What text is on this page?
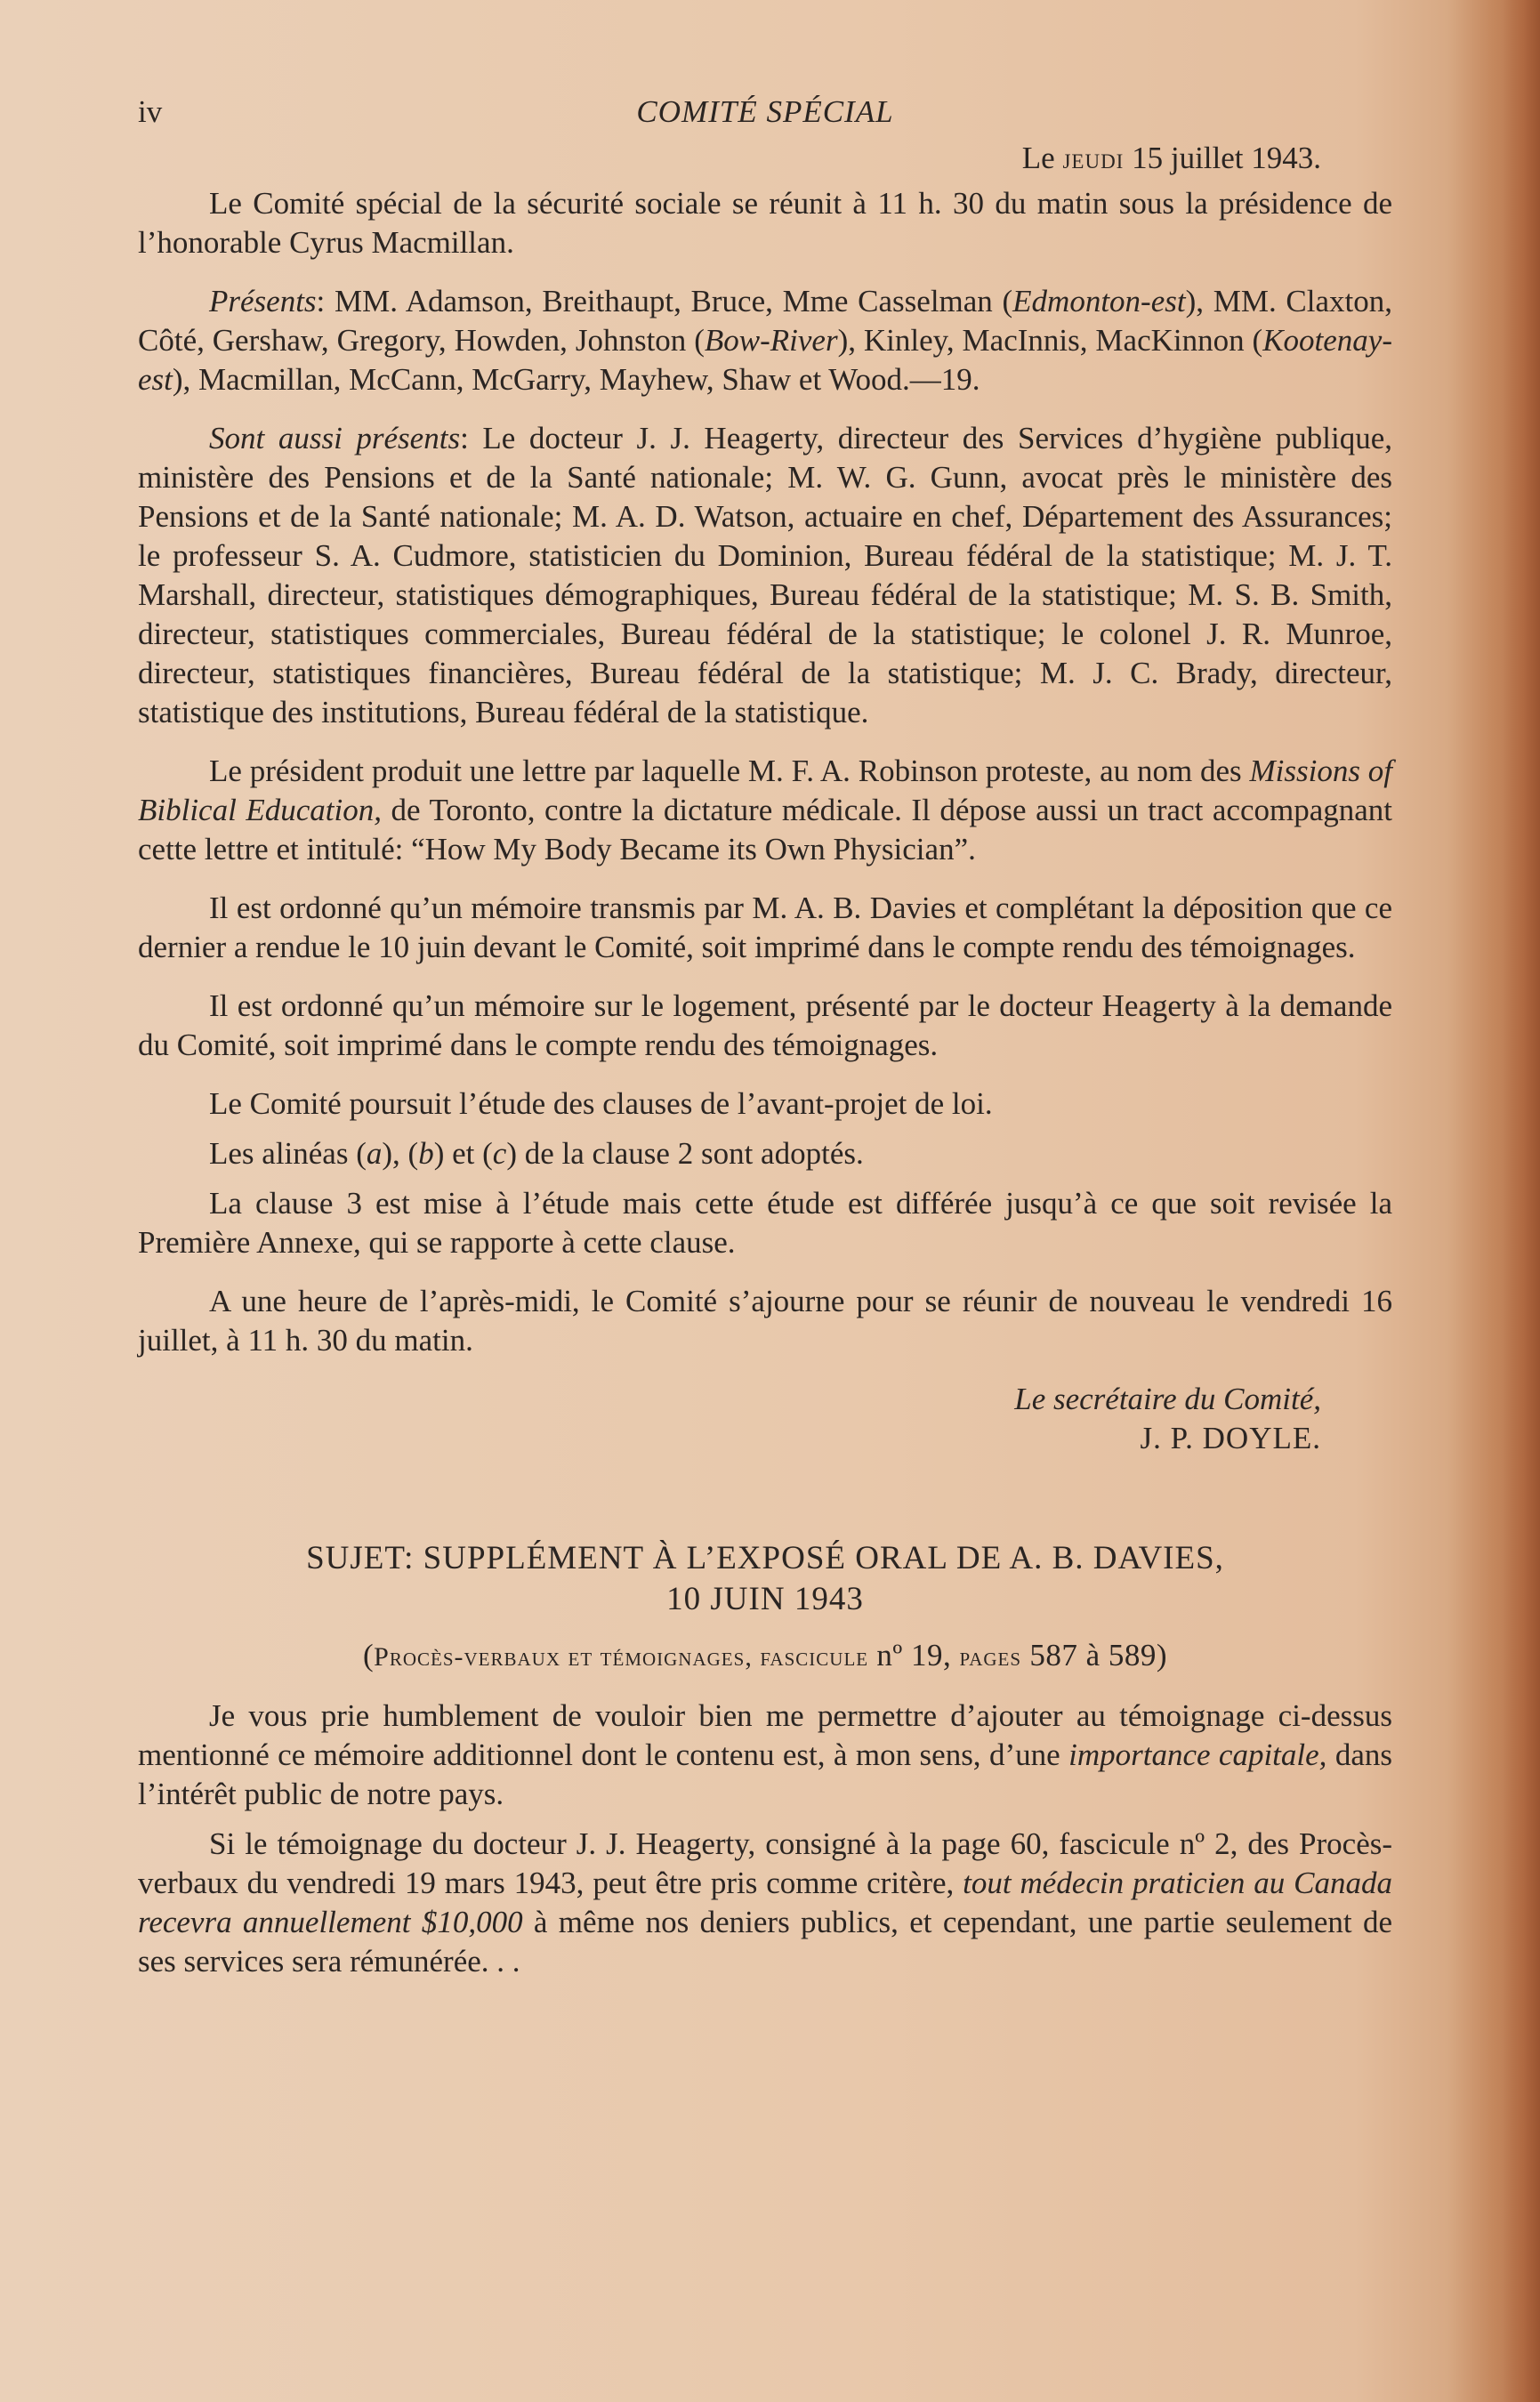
iv	COMITÉ SPÉCIAL

Le jeudi 15 juillet 1943.

Le Comité spécial de la sécurité sociale se réunit à 11 h. 30 du matin sous la présidence de l’honorable Cyrus Macmillan.

Présents: MM. Adamson, Breithaupt, Bruce, Mme Casselman (Edmonton-est), MM. Claxton, Côté, Gershaw, Gregory, Howden, Johnston (Bow-River), Kinley, MacInnis, MacKinnon (Kootenay-est), Macmillan, McCann, McGarry, Mayhew, Shaw et Wood.—19.

Sont aussi présents: Le docteur J. J. Heagerty, directeur des Services d’hygiène publique, ministère des Pensions et de la Santé nationale; M. W. G. Gunn, avocat près le ministère des Pensions et de la Santé nationale; M. A. D. Watson, actuaire en chef, Département des Assurances; le professeur S. A. Cudmore, statisticien du Dominion, Bureau fédéral de la statistique; M. J. T. Marshall, directeur, statistiques démographiques, Bureau fédéral de la statistique; M. S. B. Smith, directeur, statistiques commerciales, Bureau fédéral de la statistique; le colonel J. R. Munroe, directeur, statistiques financières, Bureau fédéral de la statistique; M. J. C. Brady, directeur, statistique des institutions, Bureau fédéral de la statistique.

Le président produit une lettre par laquelle M. F. A. Robinson proteste, au nom des Missions of Biblical Education, de Toronto, contre la dictature médicale. Il dépose aussi un tract accompagnant cette lettre et intitulé: “How My Body Became its Own Physician”.

Il est ordonné qu’un mémoire transmis par M. A. B. Davies et complétant la déposition que ce dernier a rendue le 10 juin devant le Comité, soit imprimé dans le compte rendu des témoignages.

Il est ordonné qu’un mémoire sur le logement, présenté par le docteur Heagerty à la demande du Comité, soit imprimé dans le compte rendu des témoignages.

Le Comité poursuit l’étude des clauses de l’avant-projet de loi.

Les alinéas (a), (b) et (c) de la clause 2 sont adoptés.

La clause 3 est mise à l’étude mais cette étude est différée jusqu’à ce que soit revisée la Première Annexe, qui se rapporte à cette clause.

A une heure de l’après-midi, le Comité s’ajourne pour se réunir de nouveau le vendredi 16 juillet, à 11 h. 30 du matin.

Le secrétaire du Comité,

J. P. DOYLE.

SUJET: SUPPLÉMENT À L’EXPOSÉ ORAL DE A. B. DAVIES,
10 JUIN 1943

(Procès-verbaux et témoignages, fascicule nº 19, pages 587 à 589)

Je vous prie humblement de vouloir bien me permettre d’ajouter au témoignage ci-dessus mentionné ce mémoire additionnel dont le contenu est, à mon sens, d’une importance capitale, dans l’intérêt public de notre pays.

Si le témoignage du docteur J. J. Heagerty, consigné à la page 60, fascicule nº 2, des Procès-verbaux du vendredi 19 mars 1943, peut être pris comme critère, tout médecin praticien au Canada recevra annuellement $10,000 à même nos deniers publics, et cependant, une partie seulement de ses services sera rémunérée. . .
